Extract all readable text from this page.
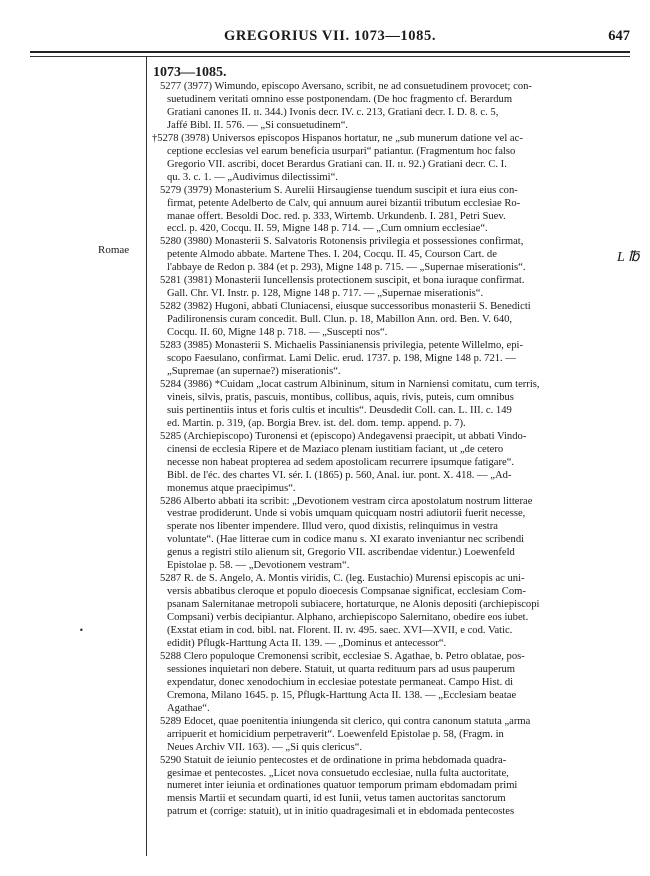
GREGORIUS VII. 1073—1085.	647
Romae	L ℔
•
1073—1085.
5277 (3977) Wimundo, episcopo Aversano, scribit, ne ad consuetudinem provocet; con-
suetudinem veritati omnino esse postponendam. (De hoc fragmento cf. Berardum
Gratiani canones II. ɪɪ. 344.) Ivonis decr. IV. c. 213, Gratiani decr. I. D. 8. c. 5,
Jaffé Bibl. II. 576. — „Si consuetudinem“.
†5278 (3978) Universos episcopos Hispanos hortatur, ne „sub munerum datione vel ac-
ceptione ecclesias vel earum beneficia usurpari“ patiantur. (Fragmentum hoc falso
Gregorio VII. ascribi, docet Berardus Gratiani can. II. ɪɪ. 92.) Gratiani decr. C. I.
qu. 3. c. 1. — „Audivimus dilectissimi“.
5279 (3979) Monasterium S. Aurelii Hirsaugiense tuendum suscipit et iura eius con-
firmat, petente Adelberto de Calv, qui annuum aurei bizantii tributum ecclesiae Ro-
manae offert. Besoldi Doc. red. p. 333, Wirtemb. Urkundenb. I. 281, Petri Suev.
eccl. p. 420, Cocqu. II. 59, Migne 148 p. 714. — „Cum omnium ecclesiae“.
5280 (3980) Monasterii S. Salvatoris Rotonensis privilegia et possessiones confirmat,
petente Almodo abbate. Martene Thes. I. 204, Cocqu. II. 45, Courson Cart. de
l'abbaye de Redon p. 384 (et p. 293), Migne 148 p. 715. — „Supernae miserationis“.
5281 (3981) Monasterii Iuncellensis protectionem suscipit, et bona iuraque confirmat.
Gall. Chr. VI. Instr. p. 128, Migne 148 p. 717. — „Supernae miserationis“.
5282 (3982) Hugoni, abbati Cluniacensi, eiusque successoribus monasterii S. Benedicti
Padilironensis curam concedit. Bull. Clun. p. 18, Mabillon Ann. ord. Ben. V. 640,
Cocqu. II. 60, Migne 148 p. 718. — „Suscepti nos“.
5283 (3985) Monasterii S. Michaelis Passinianensis privilegia, petente Willelmo, epi-
scopo Faesulano, confirmat. Lami Delic. erud. 1737. p. 198, Migne 148 p. 721. —
„Supremae (an supernae?) miserationis“.
5284 (3986) *Cuidam „locat castrum Albininum, situm in Narniensi comitatu, cum terris,
vineis, silvis, pratis, pascuis, montibus, collibus, aquis, rivis, puteis, cum omnibus
suis pertinentiis intus et foris cultis et incultis“. Deusdedit Coll. can. L. III. c. 149
ed. Martin. p. 319, (ap. Borgia Brev. ist. del. dom. temp. append. p. 7).
5285 (Archiepiscopo) Turonensi et (episcopo) Andegavensi praecipit, ut abbati Vindo-
cinensi de ecclesia Ripere et de Maziaco plenam iustitiam faciant, ut „de cetero
necesse non habeat propterea ad sedem apostolicam recurrere ipsumque fatigare“.
Bibl. de l'éc. des chartes VI. sér. I. (1865) p. 560, Anal. iur. pont. X. 418. — „Ad-
monemus atque praecipimus“.
5286 Alberto abbati ita scribit: „Devotionem vestram circa apostolatum nostrum litterae
vestrae prodiderunt. Unde si vobis umquam quicquam nostri adiutorii fuerit necesse,
sperate nos libenter impendere. Illud vero, quod dixistis, relinquimus in vestra
voluntate“. (Hae litterae cum in codice manu s. XI exarato inveniantur nec scribendi
genus a registri stilo alienum sit, Gregorio VII. ascribendae videntur.) Loewenfeld
Epistolae p. 58. — „Devotionem vestram“.
5287 R. de S. Angelo, A. Montis viridis, C. (leg. Eustachio) Murensi episcopis ac uni-
versis abbatibus cleroque et populo dioecesis Compsanae significat, ecclesiam Com-
psanam Salernitanae metropoli subiacere, hortaturque, ne Alonis depositi (archiepiscopi
Compsani) verbis decipiantur. Alphano, archiepiscopo Salernitano, obedire eos iubet.
(Exstat etiam in cod. bibl. nat. Florent. II. ɪv. 495. saec. XVI—XVII, e cod. Vatic.
edidit) Pflugk-Harttung Acta II. 139. — „Dominus et antecessor“.
5288 Clero populoque Cremonensi scribit, ecclesiae S. Agathae, b. Petro oblatae, pos-
sessiones inquietari non debere. Statuit, ut quarta redituum pars ad usus pauperum
expendatur, donec xenodochium in ecclesiae potestate permaneat. Campo Hist. di
Cremona, Milano 1645. p. 15, Pflugk-Harttung Acta II. 138. — „Ecclesiam beatae
Agathae“.
5289 Edocet, quae poenitentia iniungenda sit clerico, qui contra canonum statuta „arma
arripuerit et homicidium perpetraverit“. Loewenfeld Epistolae p. 58, (Fragm. in
Neues Archiv VII. 163). — „Si quis clericus“.
5290 Statuit de ieiunio pentecostes et de ordinatione in prima hebdomada quadra-
gesimae et pentecostes. „Licet nova consuetudo ecclesiae, nulla fulta auctoritate,
numeret inter ieiunia et ordinationes quatuor temporum primam ebdomadam primi
mensis Martii et secundam quarti, id est Iunii, vetus tamen auctoritas sanctorum
patrum et (corrige: statuit), ut in initio quadragesimali et in ebdomada pentecostes
